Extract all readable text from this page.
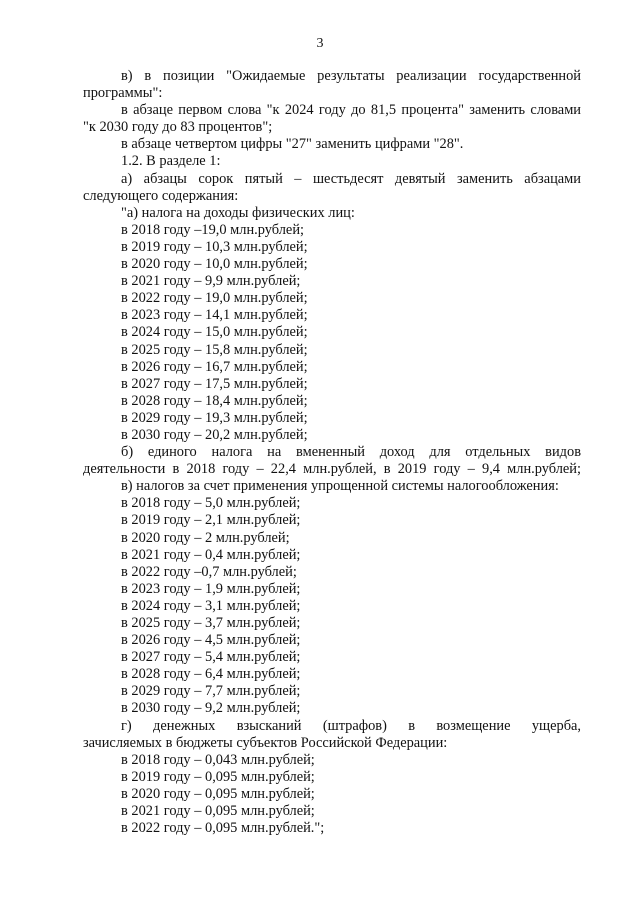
3

в) в позиции "Ожидаемые результаты реализации государственной

программы":

в абзаце первом слова "к 2024 году до 81,5 процента" заменить словами

"к 2030 году до 83 процентов";

в абзаце четвертом цифры "27" заменить цифрами "28".

1.2. В разделе 1:

а) абзацы сорок пятый – шестьдесят девятый заменить абзацами

следующего содержания:

"а) налога на доходы физических лиц:

в 2018 году –19,0 млн.рублей;
в 2019 году – 10,3 млн.рублей;
в 2020 году – 10,0 млн.рублей;
в 2021 году – 9,9 млн.рублей;
в 2022 году – 19,0 млн.рублей;
в 2023 году – 14,1 млн.рублей;
в 2024 году – 15,0 млн.рублей;
в 2025 году – 15,8 млн.рублей;
в 2026 году – 16,7 млн.рублей;
в 2027 году – 17,5 млн.рублей;
в 2028 году – 18,4 млн.рублей;
в 2029 году – 19,3 млн.рублей;
в 2030 году – 20,2 млн.рублей;

б) единого налога на вмененный доход для отдельных видов

деятельности в 2018 году – 22,4 млн.рублей, в 2019 году – 9,4 млн.рублей;

в) налогов за счет применения упрощенной системы налогообложения:

в 2018 году – 5,0 млн.рублей;
в 2019 году – 2,1 млн.рублей;
в 2020 году – 2 млн.рублей;
в 2021 году – 0,4 млн.рублей;
в 2022 году –0,7 млн.рублей;
в 2023 году – 1,9 млн.рублей;
в 2024 году – 3,1 млн.рублей;
в 2025 году – 3,7 млн.рублей;
в 2026 году – 4,5 млн.рублей;
в 2027 году – 5,4 млн.рублей;
в 2028 году – 6,4 млн.рублей;
в 2029 году – 7,7 млн.рублей;
в 2030 году – 9,2 млн.рублей;

г) денежных взысканий (штрафов) в возмещение ущерба,

зачисляемых в бюджеты субъектов Российской Федерации:

в 2018 году – 0,043 млн.рублей;
в 2019 году – 0,095 млн.рублей;
в 2020 году – 0,095 млн.рублей;
в 2021 году – 0,095 млн.рублей;
в 2022 году – 0,095 млн.рублей.";
